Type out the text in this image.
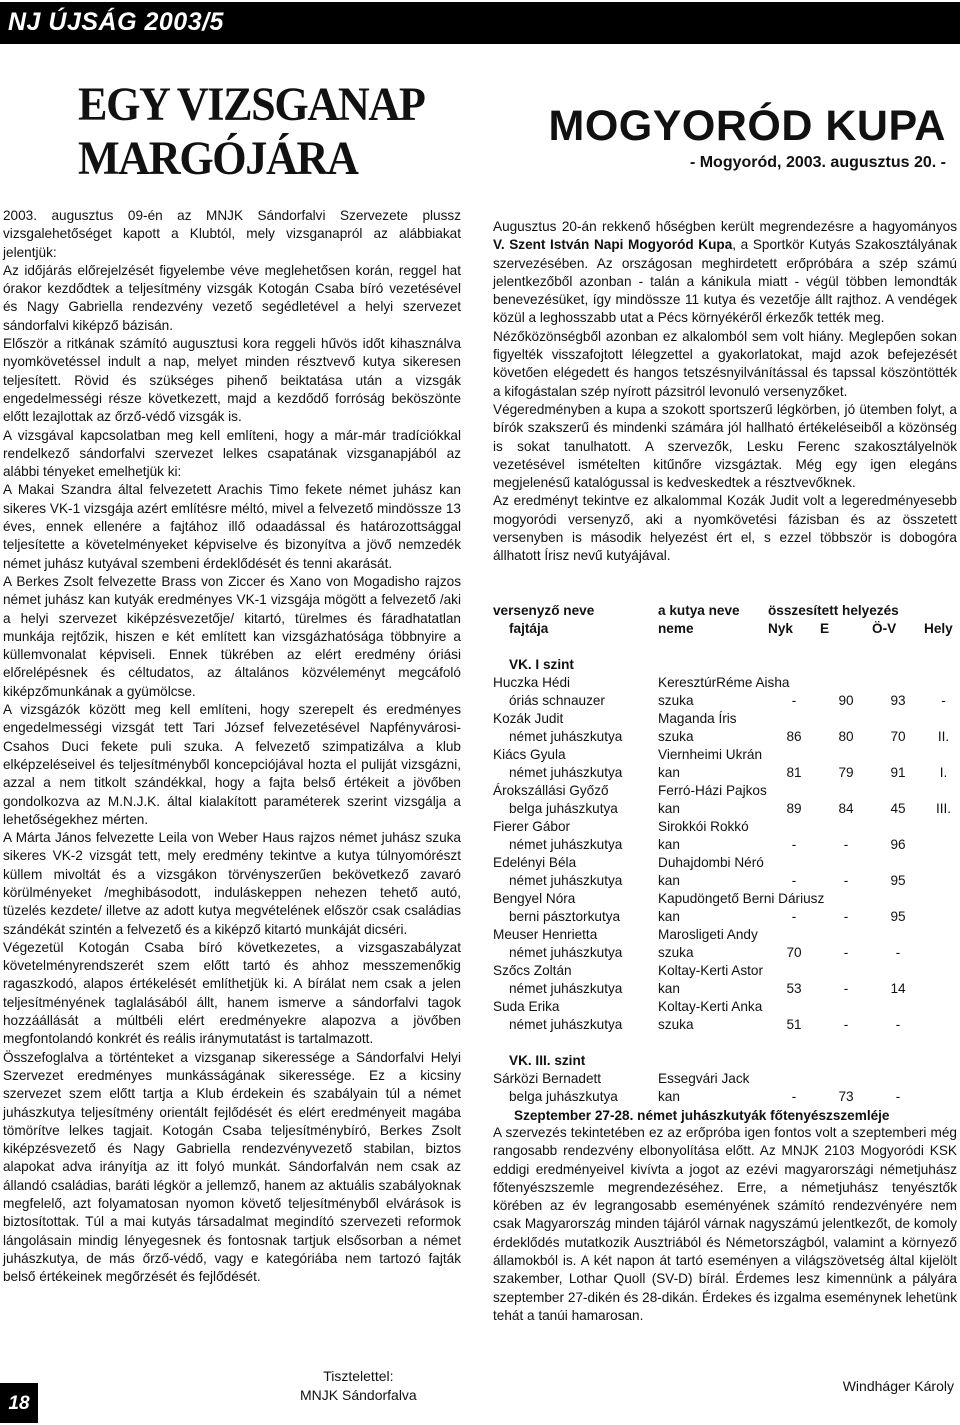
NJ ÚJSÁG 2003/5
EGY VIZSGANAP
MARGÓJÁRA
MOGYORÓD KUPA
- Mogyoród, 2003. augusztus 20. -

2003. augusztus 09-én az MNJK Sándorfalvi Szervezete plussz vizsgalehetőséget kapott a Klubtól, mely vizsganapról az alábbiakat jelentjük:

Az időjárás előrejelzését figyelembe véve meglehetősen korán, reggel hat órakor kezdődtek a teljesítmény vizsgák Kotogán Csaba bíró vezetésével és Nagy Gabriella rendezvény vezető segédletével a helyi szervezet sándorfalvi kiképző bázisán.

Először a ritkának számító augusztusi kora reggeli hűvös időt kihasználva nyomkövetéssel indult a nap, melyet minden résztvevő kutya sikeresen teljesített. Rövid és szükséges pihenő beiktatása után a vizsgák engedelmességi része következett, majd a kezdődő forróság beköszönte előtt lezajlottak az őrző-védő vizsgák is.

A vizsgával kapcsolatban meg kell említeni, hogy a már-már tradíciókkal rendelkező sándorfalvi szervezet lelkes csapatának vizsganapjából az alábbi tényeket emelhetjük ki:

A Makai Szandra által felvezetett Arachis Timo fekete német juhász kan sikeres VK-1 vizsgája azért említésre méltó, mivel a felvezető mindössze 13 éves, ennek ellenére a fajtához illő odaadással és határozottsággal teljesítette a követelményeket képviselve és bizonyítva a jövő nemzedék német juhász kutyával szembeni érdeklődését és tenni akarását.

A Berkes Zsolt felvezette Brass von Ziccer és Xano von Mogadisho rajzos német juhász kan kutyák eredményes VK-1 vizsgája mögött a felvezető /aki a helyi szervezet kiképzésvezetője/ kitartó, türelmes és fáradhatatlan munkája rejtőzik, hiszen e két említett kan vizsgázhatósága többnyire a küllemvonalat képviseli. Ennek tükrében az elért eredmény óriási előrelépésnek és céltudatos, az általános közvéleményt megcáfoló kiképzőmunkának a gyümölcse.

A vizsgázók között meg kell említeni, hogy szerepelt és eredményes engedelmességi vizsgát tett Tari József felvezetésével Napfényvárosi-Csahos Duci fekete puli szuka. A felvezető szimpatizálva a klub elképzeléseivel és teljesítményből koncepciójával hozta el puliját vizsgázni, azzal a nem titkolt szándékkal, hogy a fajta belső értékeit a jövőben gondolkozva az M.N.J.K. által kialakított paraméterek szerint vizsgálja a lehetőségekhez mérten.

A Márta János felvezette Leila von Weber Haus rajzos német juhász szuka sikeres VK-2 vizsgát tett, mely eredmény tekintve a kutya túlnyomórészt küllem mivoltát és a vizsgákon törvényszerűen bekövetkező zavaró körülményeket /meghibásodott, induláskeppen nehezen tehető autó, tüzelés kezdete/ illetve az adott kutya megvételének először csak családias szándékát szintén a felvezető és a kiképző kitartó munkáját dicséri.

Végezetül Kotogán Csaba bíró következetes, a vizsgaszabályzat követelményrendszerét szem előtt tartó és ahhoz messzemenőkig ragaszkodó, alapos értékelését említhetjük ki. A bírálat nem csak a jelen teljesítményének taglalásából állt, hanem ismerve a sándorfalvi tagok hozzáállását a múltbéli elért eredményekre alapozva a jövőben megfontolandó konkrét és reális iránymutatást is tartalmazott.

Összefoglalva a történteket a vizsganap sikeressége a Sándorfalvi Helyi Szervezet eredményes munkásságának sikeressége. Ez a kicsiny szervezet szem előtt tartja a Klub érdekein és szabályain túl a német juhászkutya teljesítmény orientált fejlődését és elért eredményeit magába tömörítve lelkes tagjait. Kotogán Csaba teljesítménybíró, Berkes Zsolt kiképzésvezető és Nagy Gabriella rendezvényvezető stabilan, biztos alapokat adva irányítja az itt folyó munkát. Sándorfalván nem csak az állandó családias, baráti légkör a jellemző, hanem az aktuális szabályoknak megfelelő, azt folyamatosan nyomon követő teljesítményből elvárások is biztosítottak. Túl a mai kutyás társadalmat megindító szervezeti reformok lángolásain mindig lényegesnek és fontosnak tartjuk elsősorban a német juhászkutya, de más őrző-védő, vagy e kategóriába nem tartozó fajták belső értékeinek megőrzését és fejlődését.

Tisztelettel:
MNJK Sándorfalva

Augusztus 20-án rekkenő hőségben került megrendezésre a hagyományos V. Szent István Napi Mogyoród Kupa, a Sportkör Kutyás Szakosztályának szervezésében. Az országosan meghirdetett erőpróbára a szép számú jelentkezőből azonban - talán a kánikula miatt - végül többen lemondták benevezésüket, így mindössze 11 kutya és vezetője állt rajthoz. A vendégek közül a leghosszabb utat a Pécs környékéről érkezők tették meg.

Nézőközönségből azonban ez alkalomból sem volt hiány. Meglepően sokan figyelték visszafojtott lélegzettel a gyakorlatokat, majd azok befejezését követően elégedett és hangos tetszésnyilvánítással és tapssal köszöntötték a kifogástalan szép nyírott pázsitról levonuló versenyzőket.

Végeredményben a kupa a szokott sportszerű légkörben, jó ütemben folyt, a bírók szakszerű és mindenki számára jól hallható értékeléseiből a közönség is sokat tanulhatott. A szervezők, Lesku Ferenc szakosztályelnök vezetésével ismételten kitűnőre vizsgáztak. Még egy igen elegáns megjelenésű katalógussal is kedveskedtek a résztvevőknek.

Az eredményt tekintve ez alkalommal Kozák Judit volt a legeredményesebb mogyoródi versenyző, aki a nyomkövetési fázisban és az összetett versenyben is második helyezést ért el, s ezzel többször is dobogóra állhatott Írisz nevű kutyájával.

versenyző neve	a kutya neve	összesített helyezés			
fajtája	neme	Nyk	E	Ö-V	Hely

VK. I szint					
Huczka Hédi	KeresztúrRéme Aisha				
óriás schnauzer	szuka	-	90	93	-
Kozák Judit	Maganda Íris				
német juhászkutya	szuka	86	80	70	II.
Kiács Gyula	Viernheimi Ukrán				
német juhászkutya	kan	81	79	91	I.
Árokszállási Győző	Ferró-Házi Pajkos				
belga juhászkutya	kan	89	84	45	III.
Fierer Gábor	Sirokkói Rokkó				
német juhászkutya	kan	-	-	96	
Edelényi Béla	Duhajdombi Néró				
német juhászkutya	kan	-	-	95	
Bengyel Nóra	Kapudöngető Berni Dáriusz				
berni pásztorkutya	kan	-	-	95	
Meuser Henrietta	Marosligeti Andy				
német juhászkutya	szuka	70	-	-	
Szőcs Zoltán	Koltay-Kerti Astor				
német juhászkutya	kan	53	-	14	
Suda Erika	Koltay-Kerti Anka				
német juhászkutya	szuka	51	-	-	

VK. III. szint					
Sárközi Bernadett	Essegvári Jack				
belga juhászkutya	kan	-	73	-	
Szeptember 27-28. német juhászkutyák főtenyészszemléje
A szervezés tekintetében ez az erőpróba igen fontos volt a szeptemberi még rangosabb rendezvény elbonyolítása előtt. Az MNJK 2103 Mogyoródi KSK eddigi eredményeivel kivívta a jogot az ezévi magyarországi németjuhász főtenyészszemle megrendezéséhez. Erre, a németjuhász tenyésztők körében az év legrangosabb eseményének számító rendezvényére nem csak Magyarország minden tájáról várnak nagyszámú jelentkezőt, de komoly érdeklődés mutatkozik Ausztriából és Németországból, valamint a környező államokból is. A két napon át tartó eseményen a világszövetség által kijelölt szakember, Lothar Quoll (SV-D) bírál. Érdemes lesz kimennünk a pályára szeptember 27-dikén és 28-dikán. Érdekes és izgalma eseménynek lehetünk tehát a tanúi hamarosan.
Windháger Károly
18
